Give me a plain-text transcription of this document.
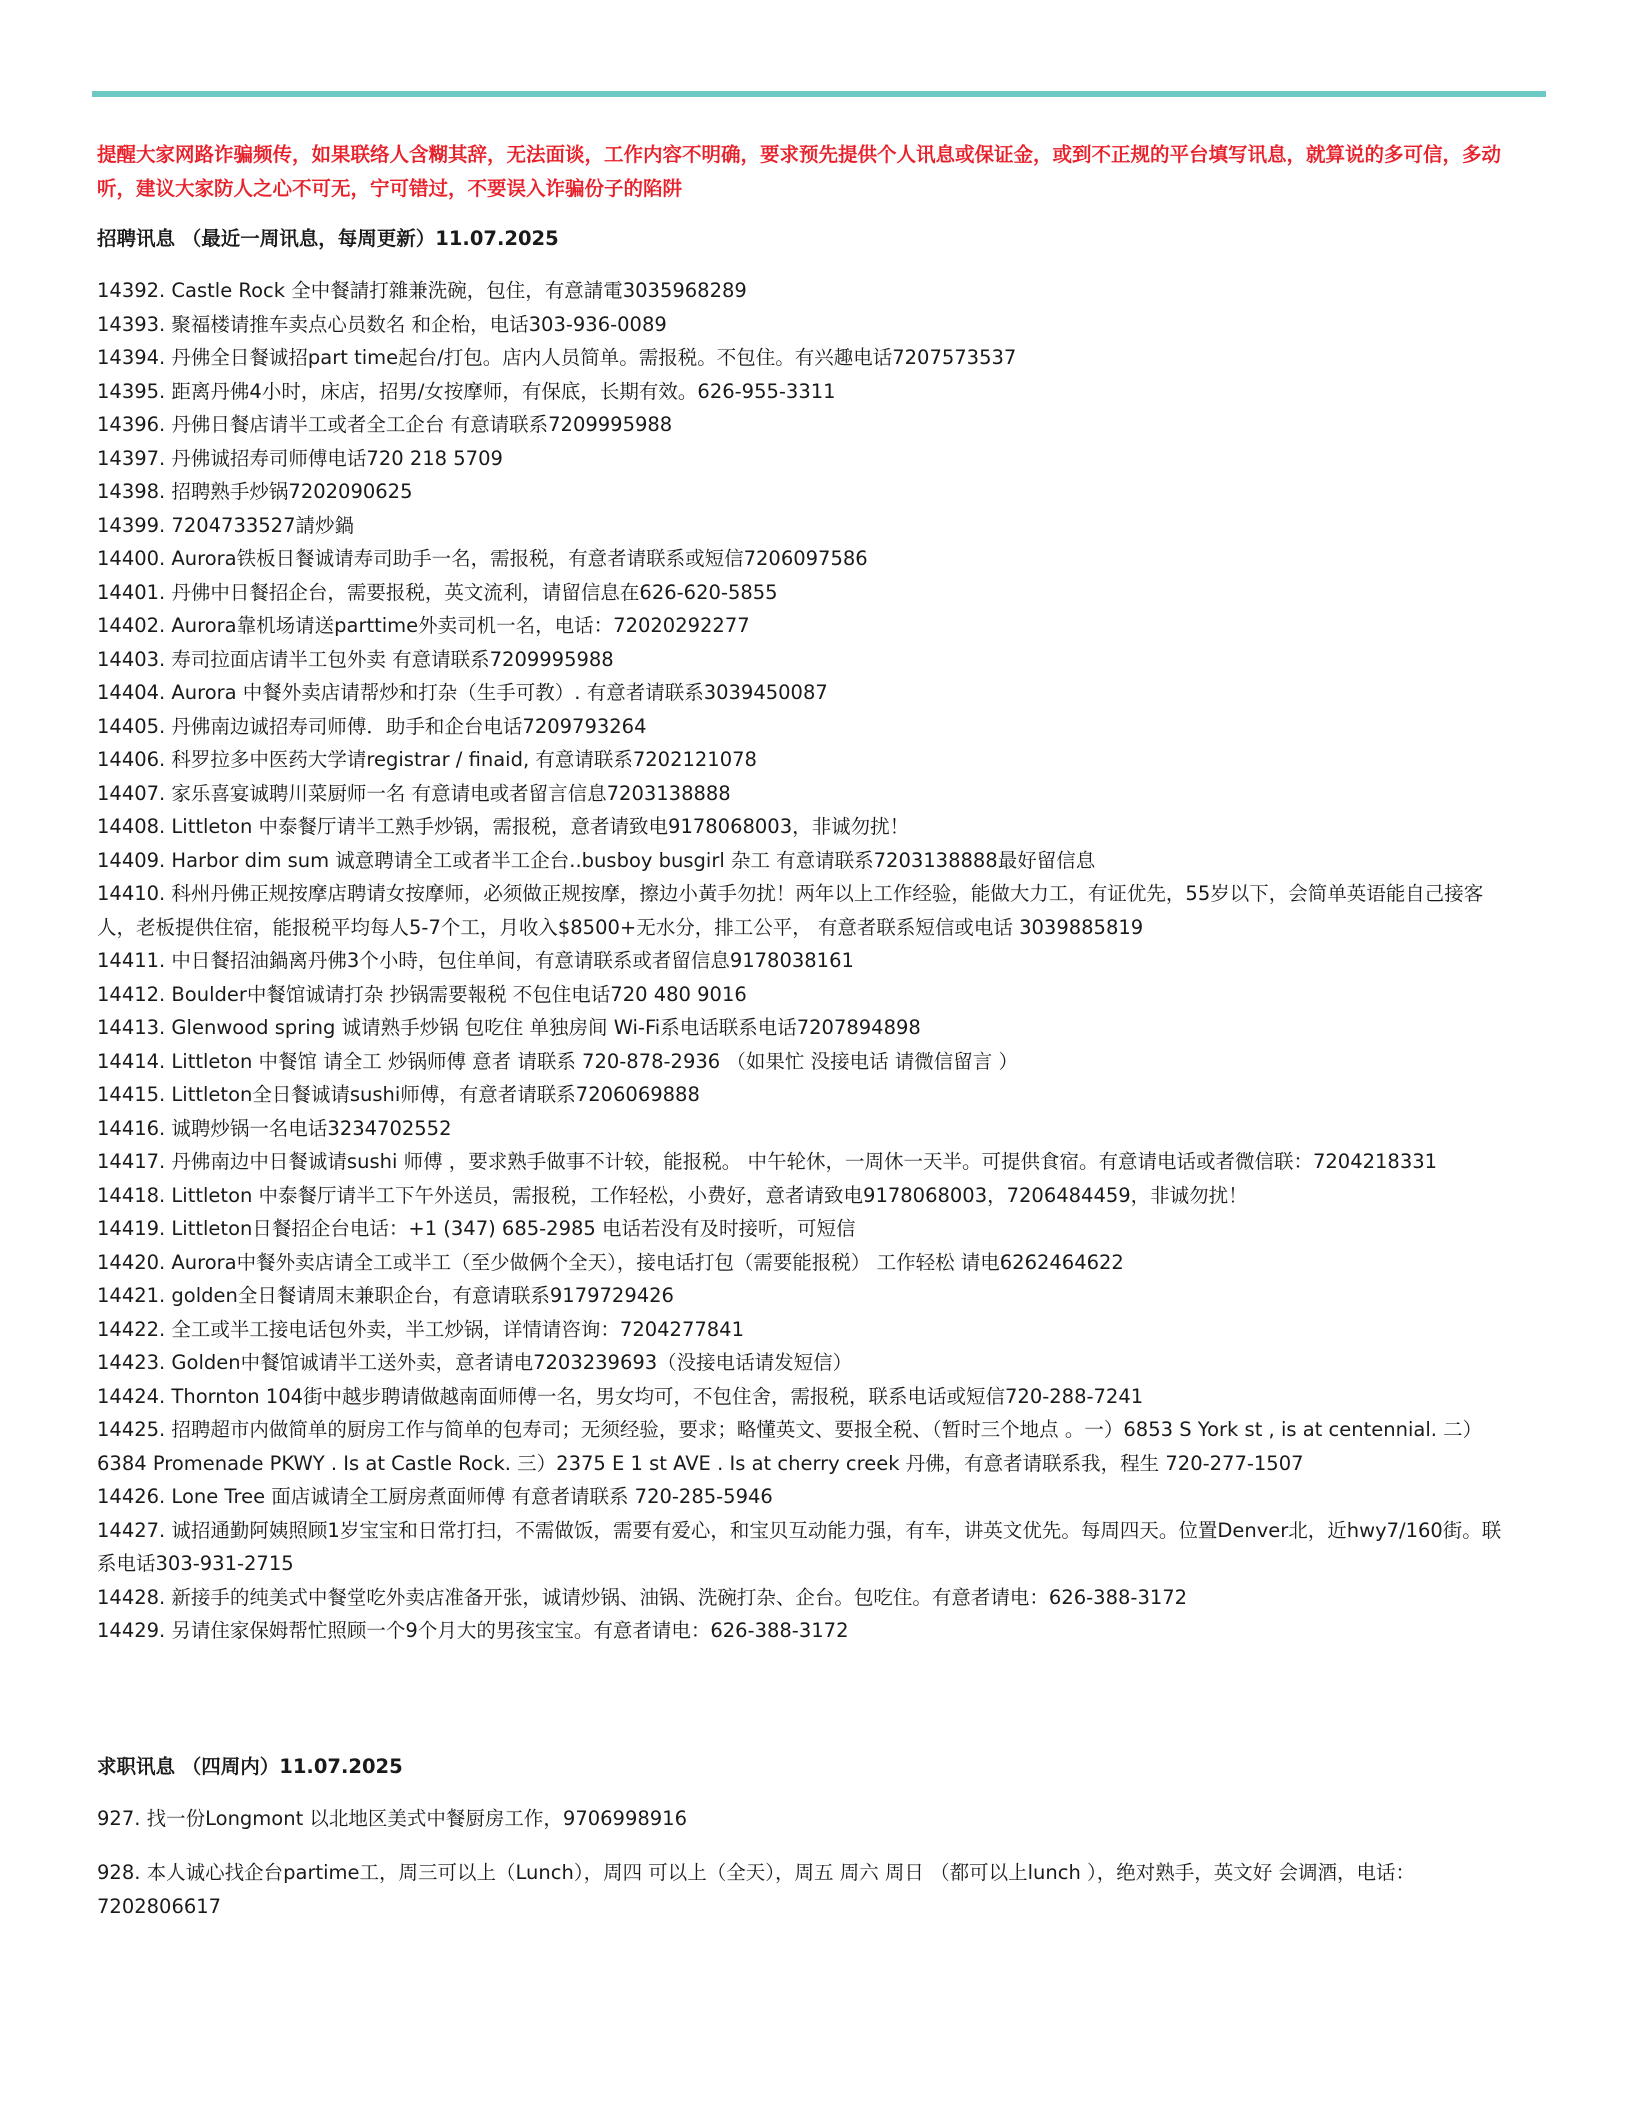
提醒大家网路诈骗频传，如果联络人含糊其辞，无法面谈，工作内容不明确，要求预先提供个人讯息或保证金，或到不正规的平台填写讯息，就算说的多可信，多动听，建议大家防人之心不可无，宁可错过，不要误入诈骗份子的陷阱

招聘讯息 （最近一周讯息，每周更新）11.07.2025

14392. Castle Rock 全中餐請打雜兼洗碗，包住，有意請電3035968289
14393. 聚福楼请推车卖点心员数名 和企枱，电话303-936-0089
14394. 丹佛全日餐诚招part time起台/打包。店内人员简单。需报税。不包住。有兴趣电话7207573537
14395. 距离丹佛4小时，床店，招男/女按摩师，有保底，长期有效。626-955-3311
14396. 丹佛日餐店请半工或者全工企台 有意请联系7209995988
14397. 丹佛诚招寿司师傅电话720 218 5709
14398. 招聘熟手炒锅7202090625
14399. 7204733527請炒鍋
14400. Aurora铁板日餐诚请寿司助手一名，需报税，有意者请联系或短信7206097586
14401. 丹佛中日餐招企台，需要报税，英文流利，请留信息在626-620-5855
14402. Aurora靠机场请送parttime外卖司机一名，电话：72020292277
14403. 寿司拉面店请半工包外卖 有意请联系7209995988
14404. Aurora 中餐外卖店请帮炒和打杂（生手可教）. 有意者请联系3039450087
14405. 丹佛南边诚招寿司师傅．助手和企台电话7209793264
14406. 科罗拉多中医药大学请registrar / finaid, 有意请联系7202121078
14407. 家乐喜宴诚聘川菜厨师一名 有意请电或者留言信息7203138888
14408. Littleton 中泰餐厅请半工熟手炒锅，需报税，意者请致电9178068003，非诚勿扰！
14409. Harbor dim sum 诚意聘请全工或者半工企台..busboy busgirl 杂工 有意请联系7203138888最好留信息
14410. 科州丹佛正规按摩店聘请女按摩师，必须做正规按摩，擦边小黃手勿扰！两年以上工作经验，能做大力工，有证优先，55岁以下，会简单英语能自己接客人，老板提供住宿，能报税平均每人5-7个工，月收入$8500+无水分，排工公平， 有意者联系短信或电话 3039885819
14411. 中日餐招油鍋离丹佛3个小時，包住单间，有意请联系或者留信息9178038161
14412. Boulder中餐馆诚请打杂 抄锅需要報税 不包住电话720 480 9016
14413. Glenwood spring 诚请熟手炒锅 包吃住 单独房间 Wi-Fi系电话联系电话7207894898
14414. Littleton 中餐馆 请全工 炒锅师傅 意者 请联系 720-878-2936 （如果忙 没接电话 请微信留言 ）
14415. Littleton全日餐诚请sushi师傅，有意者请联系7206069888
14416. 诚聘炒锅一名电话3234702552
14417. 丹佛南边中日餐诚请sushi 师傅 ，要求熟手做事不计较，能报税。 中午轮休，一周休一天半。可提供食宿。有意请电话或者微信联：7204218331
14418. Littleton 中泰餐厅请半工下午外送员，需报税，工作轻松，小费好，意者请致电9178068003，7206484459，非诚勿扰！
14419. Littleton日餐招企台电话：+1 (347) 685-2985 电话若没有及时接听，可短信
14420. Aurora中餐外卖店请全工或半工（至少做俩个全天），接电话打包（需要能报税） 工作轻松 请电6262464622
14421. golden全日餐请周末兼职企台，有意请联系9179729426
14422. 全工或半工接电话包外卖，半工炒锅，详情请咨询：7204277841
14423. Golden中餐馆诚请半工送外卖，意者请电7203239693（没接电话请发短信）
14424. Thornton 104街中越步聘请做越南面师傅一名，男女均可，不包住舍，需报税，联系电话或短信720-288-7241
14425. 招聘超市内做简单的厨房工作与简单的包寿司；无须经验，要求；略懂英文、要报全税、（暂时三个地点 。一）6853 S York st , is at centennial. 二）6384 Promenade PKWY . Is at Castle Rock. 三）2375 E 1 st AVE . Is at cherry creek 丹佛，有意者请联系我，程生 720-277-1507
14426. Lone Tree 面店诚请全工厨房煮面师傅 有意者请联系 720-285-5946
14427. 诚招通勤阿姨照顾1岁宝宝和日常打扫，不需做饭，需要有爱心，和宝贝互动能力强，有车，讲英文优先。每周四天。位置Denver北，近hwy7/160街。联系电话303-931-2715
14428. 新接手的纯美式中餐堂吃外卖店准备开张，诚请炒锅、油锅、洗碗打杂、企台。包吃住。有意者请电：626-388-3172
14429. 另请住家保姆帮忙照顾一个9个月大的男孩宝宝。有意者请电：626-388-3172

求职讯息 （四周内）11.07.2025

927. 找一份Longmont 以北地区美式中餐厨房工作，9706998916
928. 本人诚心找企台partime工，周三可以上（Lunch），周四 可以上（全天），周五 周六 周日 （都可以上lunch ），绝对熟手，英文好 会调酒，电话：7202806617
